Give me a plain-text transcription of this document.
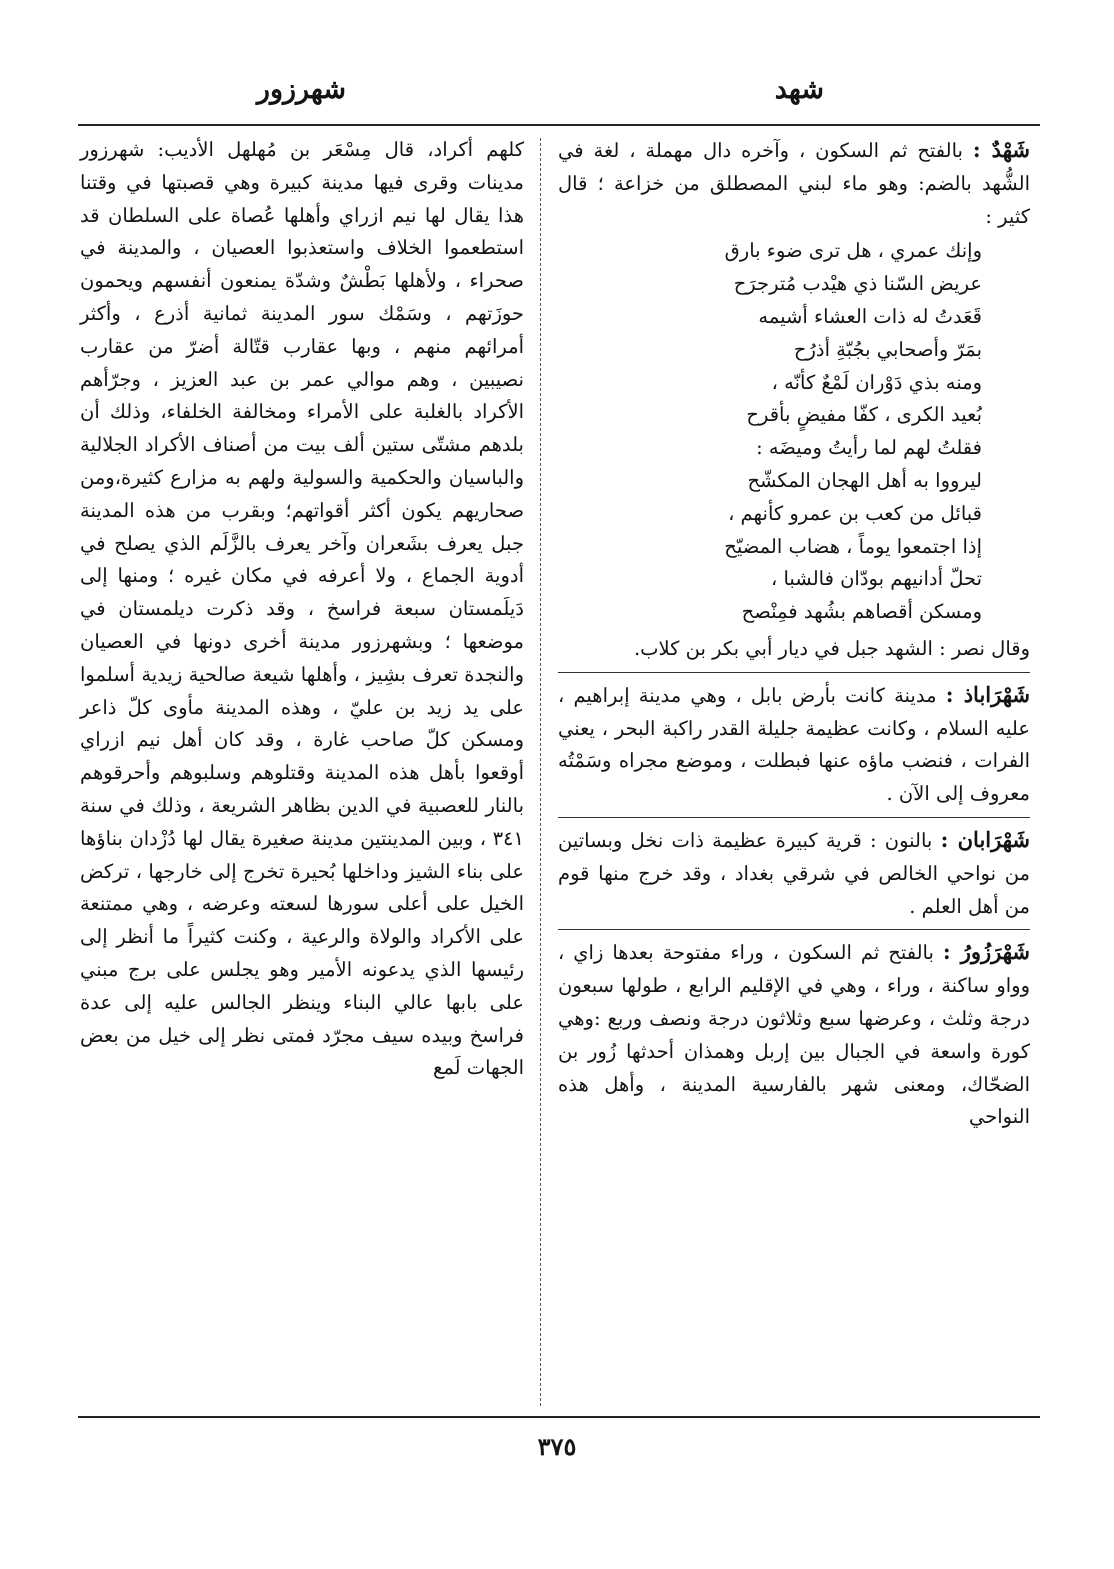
شهد
شهرزور

شَهْدٌ : بالفتح ثم السكون ، وآخره دال مهملة ، لغة في الشُّهد بالضم: وهو ماء لبني المصطلق من خزاعة ؛ قال كثير :

وإنك عمري ، هل ترى ضوء بارق
عريض السّنا ذي هيْدب مُترجرَح
قَعَدتُ له ذات العشاء أشيمه
بمَرّ وأصحابي بجُبّةِ أذرُح
ومنه بذي دَوْران لَمْعٌ كأنّه ،
بُعيد الكرى ، كفّا مفيضٍ بأقرح
فقلتُ لهم لما رأيتُ وميضَه :
ليرووا به أهل الهجان المكشّح
قبائل من كعب بن عمرو كأنهم ،
إذا اجتمعوا يوماً ، هضاب المضيّح
تحلّ أدانيهم بودّان فالشبا ،
ومسكن أقصاهم بشُهد فمِنْصح

وقال نصر : الشهد جبل في ديار أبي بكر بن كلاب.

شَهْرَاباذ : مدينة كانت بأرض بابل ، وهي مدينة إبراهيم ، عليه السلام ، وكانت عظيمة جليلة القدر راكبة البحر ، يعني الفرات ، فنضب ماؤه عنها فبطلت ، وموضع مجراه وسَمْتُه معروف إلى الآن .

شَهْرَابان : بالنون : قرية كبيرة عظيمة ذات نخل وبساتين من نواحي الخالص في شرقي بغداد ، وقد خرج منها قوم من أهل العلم .

شَهْرَزُورُ : بالفتح ثم السكون ، وراء مفتوحة بعدها زاي ، وواو ساكنة ، وراء ، وهي في الإقليم الرابع ، طولها سبعون درجة وثلث ، وعرضها سبع وثلاثون درجة ونصف وربع :وهي كورة واسعة في الجبال بين إربل وهمذان أحدثها زُور بن الضحّاك، ومعنى شهر بالفارسية المدينة ، وأهل هذه النواحي

كلهم أكراد، قال مِسْعَر بن مُهلهل الأديب: شهرزور مدينات وقرى فيها مدينة كبيرة وهي قصبتها في وقتنا هذا يقال لها نيم ازراي وأهلها عُصاة على السلطان قد استطعموا الخلاف واستعذبوا العصيان ، والمدينة في صحراء ، ولأهلها بَطْشٌ وشدّة يمنعون أنفسهم ويحمون حوزَتهم ، وسَمْك سور المدينة ثمانية أذرع ، وأكثر أمرائهم منهم ، وبها عقارب قتّالة أضرّ من عقارب نصيبين ، وهم موالي عمر بن عبد العزيز ، وجرّأهم الأكراد بالغلبة على الأمراء ومخالفة الخلفاء، وذلك أن بلدهم مشتّى ستين ألف بيت من أصناف الأكراد الجلالية والباسيان والحكمية والسولية ولهم به مزارع كثيرة،ومن صحاريهم يكون أكثر أقواتهم؛ وبقرب من هذه المدينة جبل يعرف بشَعران وآخر يعرف بالزَّلَم الذي يصلح في أدوية الجماع ، ولا أعرفه في مكان غيره ؛ ومنها إلى دَيلَمستان سبعة فراسخ ، وقد ذكرت ديلمستان في موضعها ؛ وبشهرزور مدينة أخرى دونها في العصيان والنجدة تعرف بشِيز ، وأهلها شيعة صالحية زيدية أسلموا على يد زيد بن عليّ ، وهذه المدينة مأوى كلّ ذاعر ومسكن كلّ صاحب غارة ، وقد كان أهل نيم ازراي أوقعوا بأهل هذه المدينة وقتلوهم وسلبوهم وأحرقوهم بالنار للعصبية في الدين بظاهر الشريعة ، وذلك في سنة ٣٤١ ، وبين المدينتين مدينة صغيرة يقال لها دُزْدان بناؤها على بناء الشيز وداخلها بُحيرة تخرج إلى خارجها ، تركض الخيل على أعلى سورها لسعته وعرضه ، وهي ممتنعة على الأكراد والولاة والرعية ، وكنت كثيراً ما أنظر إلى رئيسها الذي يدعونه الأمير وهو يجلس على برج مبني على بابها عالي البناء وينظر الجالس عليه إلى عدة فراسخ وبيده سيف مجرّد فمتى نظر إلى خيل من بعض الجهات لَمع

٣٧٥
